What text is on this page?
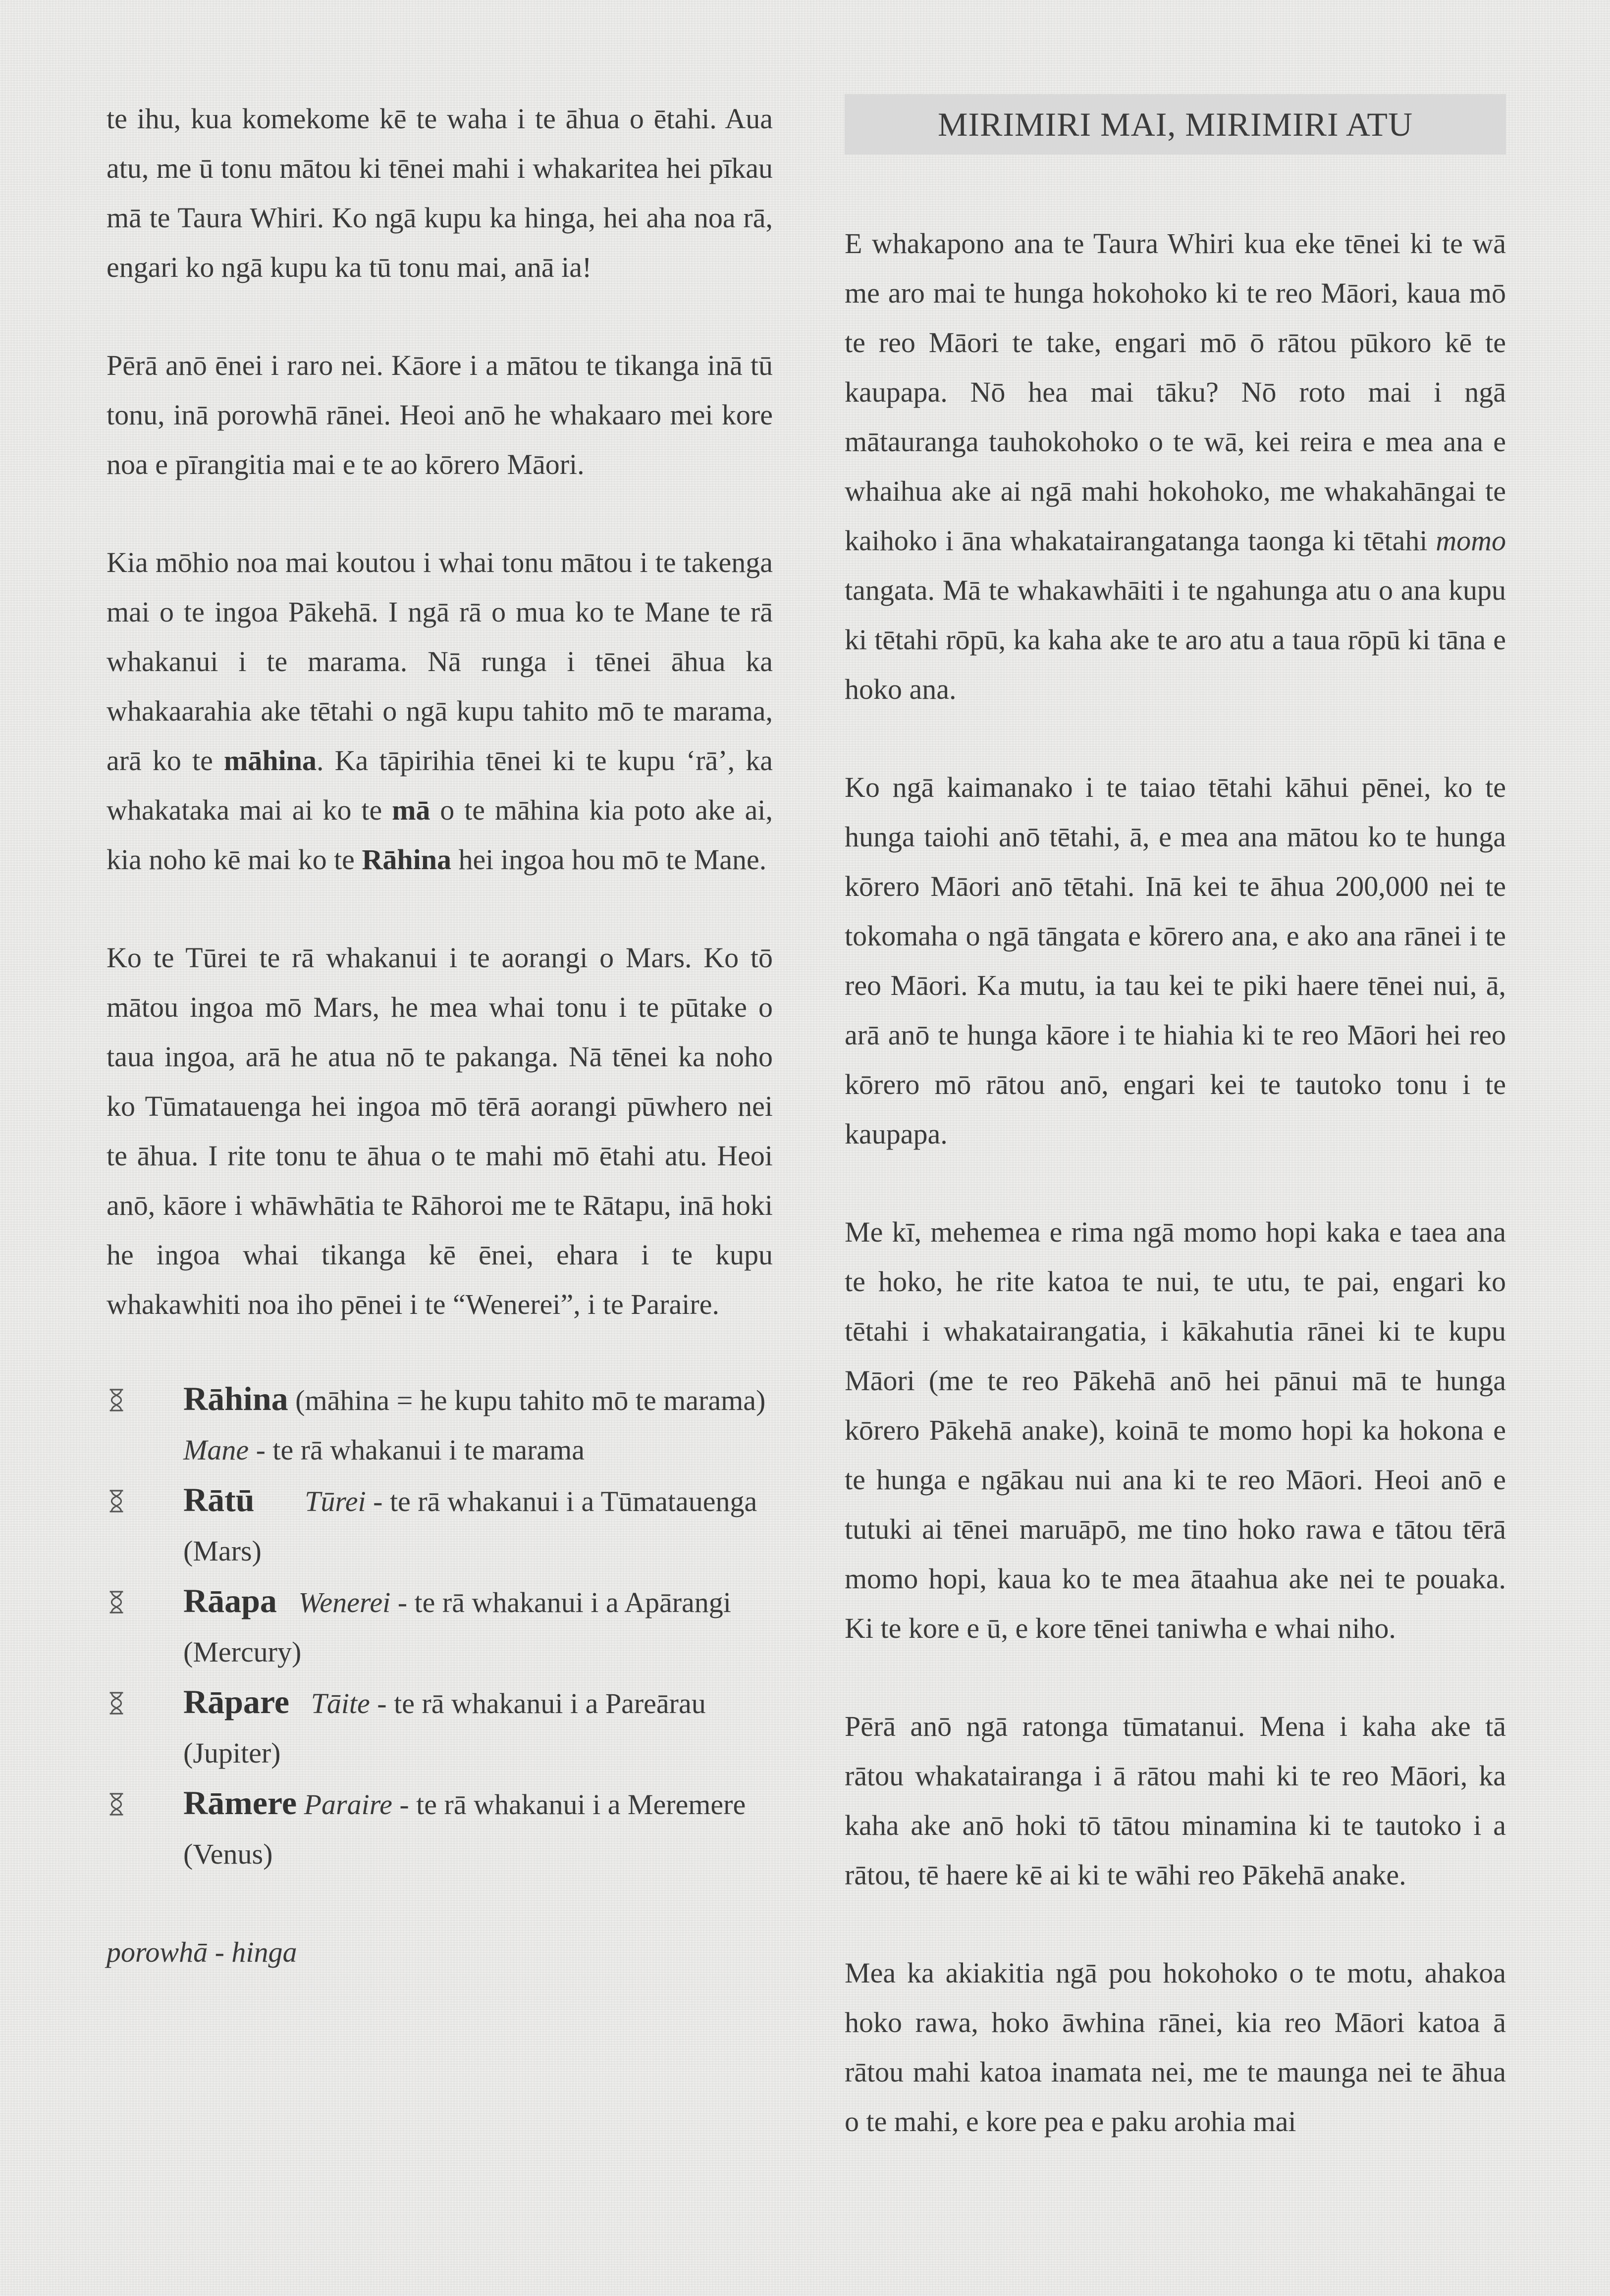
te ihu, kua komekome kē te waha i te āhua o ētahi. Aua atu, me ū tonu mātou ki tēnei mahi i whakaritea hei pīkau mā te Taura Whiri. Ko ngā kupu ka hinga, hei aha noa rā, engari ko ngā kupu ka tū tonu mai, anā ia!

Pērā anō ēnei i raro nei. Kāore i a mātou te tikanga inā tū tonu, inā porowhā rānei. Heoi anō he whakaaro mei kore noa e pīrangitia mai e te ao kōrero Māori.

Kia mōhio noa mai koutou i whai tonu mātou i te takenga mai o te ingoa Pākehā. I ngā rā o mua ko te Mane te rā whakanui i te marama. Nā runga i tēnei āhua ka whakaarahia ake tētahi o ngā kupu tahito mō te marama, arā ko te māhina. Ka tāpirihia tēnei ki te kupu ‘rā’, ka whakataka mai ai ko te mā o te māhina kia poto ake ai, kia noho kē mai ko te Rāhina hei ingoa hou mō te Mane.

Ko te Tūrei te rā whakanui i te aorangi o Mars. Ko tō mātou ingoa mō Mars, he mea whai tonu i te pūtake o taua ingoa, arā he atua nō te pakanga. Nā tēnei ka noho ko Tūmatauenga hei ingoa mō tērā aorangi pūwhero nei te āhua. I rite tonu te āhua o te mahi mō ētahi atu. Heoi anō, kāore i whāwhātia te Rāhoroi me te Rātapu, inā hoki he ingoa whai tikanga kē ēnei, ehara i te kupu whakawhiti noa iho pēnei i te “Wenerei”, i te Paraire.

Rāhina (māhina = he kupu tahito mō te marama)
Mane - te rā whakanui i te marama
Rātū Tūrei - te rā whakanui i a Tūmatauenga (Mars)
Rāapa Wenerei - te rā whakanui i a Apārangi (Mercury)
Rāpare Tāite - te rā whakanui i a Pareārau (Jupiter)
Rāmere Paraire - te rā whakanui i a Meremere (Venus)
porowhā - hinga
MIRIMIRI MAI, MIRIMIRI ATU

E whakapono ana te Taura Whiri kua eke tēnei ki te wā me aro mai te hunga hokohoko ki te reo Māori, kaua mō te reo Māori te take, engari mō ō rātou pūkoro kē te kaupapa. Nō hea mai tāku? Nō roto mai i ngā mātauranga tauhokohoko o te wā, kei reira e mea ana e whaihua ake ai ngā mahi hokohoko, me whakahāngai te kaihoko i āna whakatairangatanga taonga ki tētahi momo tangata. Mā te whakawhāiti i te ngahunga atu o ana kupu ki tētahi rōpū, ka kaha ake te aro atu a taua rōpū ki tāna e hoko ana.

Ko ngā kaimanako i te taiao tētahi kāhui pēnei, ko te hunga taiohi anō tētahi, ā, e mea ana mātou ko te hunga kōrero Māori anō tētahi. Inā kei te āhua 200,000 nei te tokomaha o ngā tāngata e kōrero ana, e ako ana rānei i te reo Māori. Ka mutu, ia tau kei te piki haere tēnei nui, ā, arā anō te hunga kāore i te hiahia ki te reo Māori hei reo kōrero mō rātou anō, engari kei te tautoko tonu i te kaupapa.

Me kī, mehemea e rima ngā momo hopi kaka e taea ana te hoko, he rite katoa te nui, te utu, te pai, engari ko tētahi i whakatairangatia, i kākahutia rānei ki te kupu Māori (me te reo Pākehā anō hei pānui mā te hunga kōrero Pākehā anake), koinā te momo hopi ka hokona e te hunga e ngākau nui ana ki te reo Māori. Heoi anō e tutuki ai tēnei maruāpō, me tino hoko rawa e tātou tērā momo hopi, kaua ko te mea ātaahua ake nei te pouaka. Ki te kore e ū, e kore tēnei taniwha e whai niho.

Pērā anō ngā ratonga tūmatanui. Mena i kaha ake tā rātou whakatairanga i ā rātou mahi ki te reo Māori, ka kaha ake anō hoki tō tātou minamina ki te tautoko i a rātou, tē haere kē ai ki te wāhi reo Pākehā anake.

Mea ka akiakitia ngā pou hokohoko o te motu, ahakoa hoko rawa, hoko āwhina rānei, kia reo Māori katoa ā rātou mahi katoa inamata nei, me te maunga nei te āhua o te mahi, e kore pea e paku arohia mai
